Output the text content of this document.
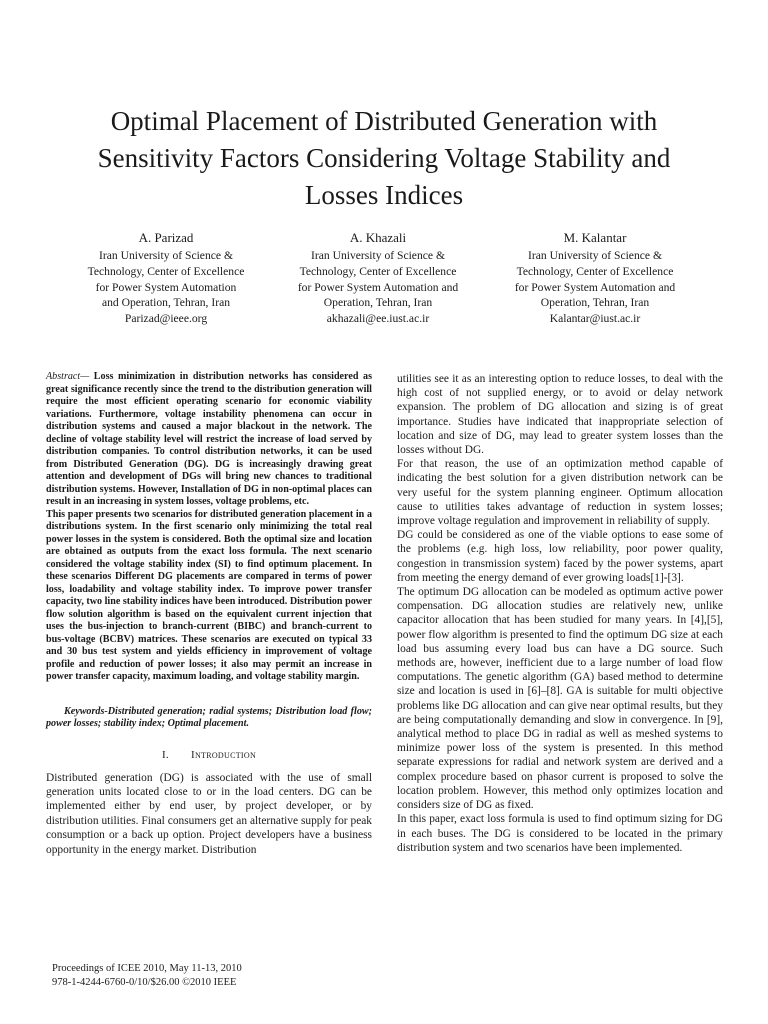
Optimal Placement of Distributed Generation with
Sensitivity Factors Considering Voltage Stability and
Losses Indices
A. Parizad
Iran University of Science &
Technology, Center of Excellence
for Power System Automation
and Operation, Tehran, Iran
Parizad@ieee.org
A. Khazali
Iran University of Science &
Technology, Center of Excellence
for Power System Automation and
Operation, Tehran, Iran
akhazali@ee.iust.ac.ir
M. Kalantar
Iran University of Science &
Technology, Center of Excellence
for Power System Automation and
Operation, Tehran, Iran
Kalantar@iust.ac.ir

Abstract— Loss minimization in distribution networks has considered as great significance recently since the trend to the distribution generation will require the most efficient operating scenario for economic viability variations. Furthermore, voltage instability phenomena can occur in distribution systems and caused a major blackout in the network. The decline of voltage stability level will restrict the increase of load served by distribution companies. To control distribution networks, it can be used from Distributed Generation (DG). DG is increasingly drawing great attention and development of DGs will bring new chances to traditional distribution systems. However, Installation of DG in non-optimal places can result in an increasing in system losses, voltage problems, etc.

This paper presents two scenarios for distributed generation placement in a distributions system. In the first scenario only minimizing the total real power losses in the system is considered. Both the optimal size and location are obtained as outputs from the exact loss formula. The next scenario considered the voltage stability index (SI) to find optimum placement. In these scenarios Different DG placements are compared in terms of power loss, loadability and voltage stability index. To improve power transfer capacity, two line stability indices have been introduced. Distribution power flow solution algorithm is based on the equivalent current injection that uses the bus-injection to branch-current (BIBC) and branch-current to bus-voltage (BCBV) matrices. These scenarios are executed on typical 33 and 30 bus test system and yields efficiency in improvement of voltage profile and reduction of power losses; it also may permit an increase in power transfer capacity, maximum loading, and voltage stability margin.

Keywords-Distributed generation; radial systems; Distribution load flow; power losses; stability index; Optimal placement.

I. Introduction

Distributed generation (DG) is associated with the use of small generation units located close to or in the load centers. DG can be implemented either by end user, by project developer, or by distribution utilities. Final consumers get an alternative supply for peak consumption or a back up option. Project developers have a business opportunity in the energy market. Distribution

utilities see it as an interesting option to reduce losses, to deal with the high cost of not supplied energy, or to avoid or delay network expansion. The problem of DG allocation and sizing is of great importance. Studies have indicated that inappropriate selection of location and size of DG, may lead to greater system losses than the losses without DG.

For that reason, the use of an optimization method capable of indicating the best solution for a given distribution network can be very useful for the system planning engineer. Optimum allocation cause to utilities takes advantage of reduction in system losses; improve voltage regulation and improvement in reliability of supply.

DG could be considered as one of the viable options to ease some of the problems (e.g. high loss, low reliability, poor power quality, congestion in transmission system) faced by the power systems, apart from meeting the energy demand of ever growing loads[1]-[3].

The optimum DG allocation can be modeled as optimum active power compensation. DG allocation studies are relatively new, unlike capacitor allocation that has been studied for many years. In [4],[5], power flow algorithm is presented to find the optimum DG size at each load bus assuming every load bus can have a DG source. Such methods are, however, inefficient due to a large number of load flow computations. The genetic algorithm (GA) based method to determine size and location is used in [6]–[8]. GA is suitable for multi objective problems like DG allocation and can give near optimal results, but they are being computationally demanding and slow in convergence. In [9], analytical method to place DG in radial as well as meshed systems to minimize power loss of the system is presented. In this method separate expressions for radial and network system are derived and a complex procedure based on phasor current is proposed to solve the location problem. However, this method only optimizes location and considers size of DG as fixed.

In this paper, exact loss formula is used to find optimum sizing for DG in each buses. The DG is considered to be located in the primary distribution system and two scenarios have been implemented.

Proceedings of ICEE 2010, May 11-13, 2010
978-1-4244-6760-0/10/$26.00 ©2010 IEEE
